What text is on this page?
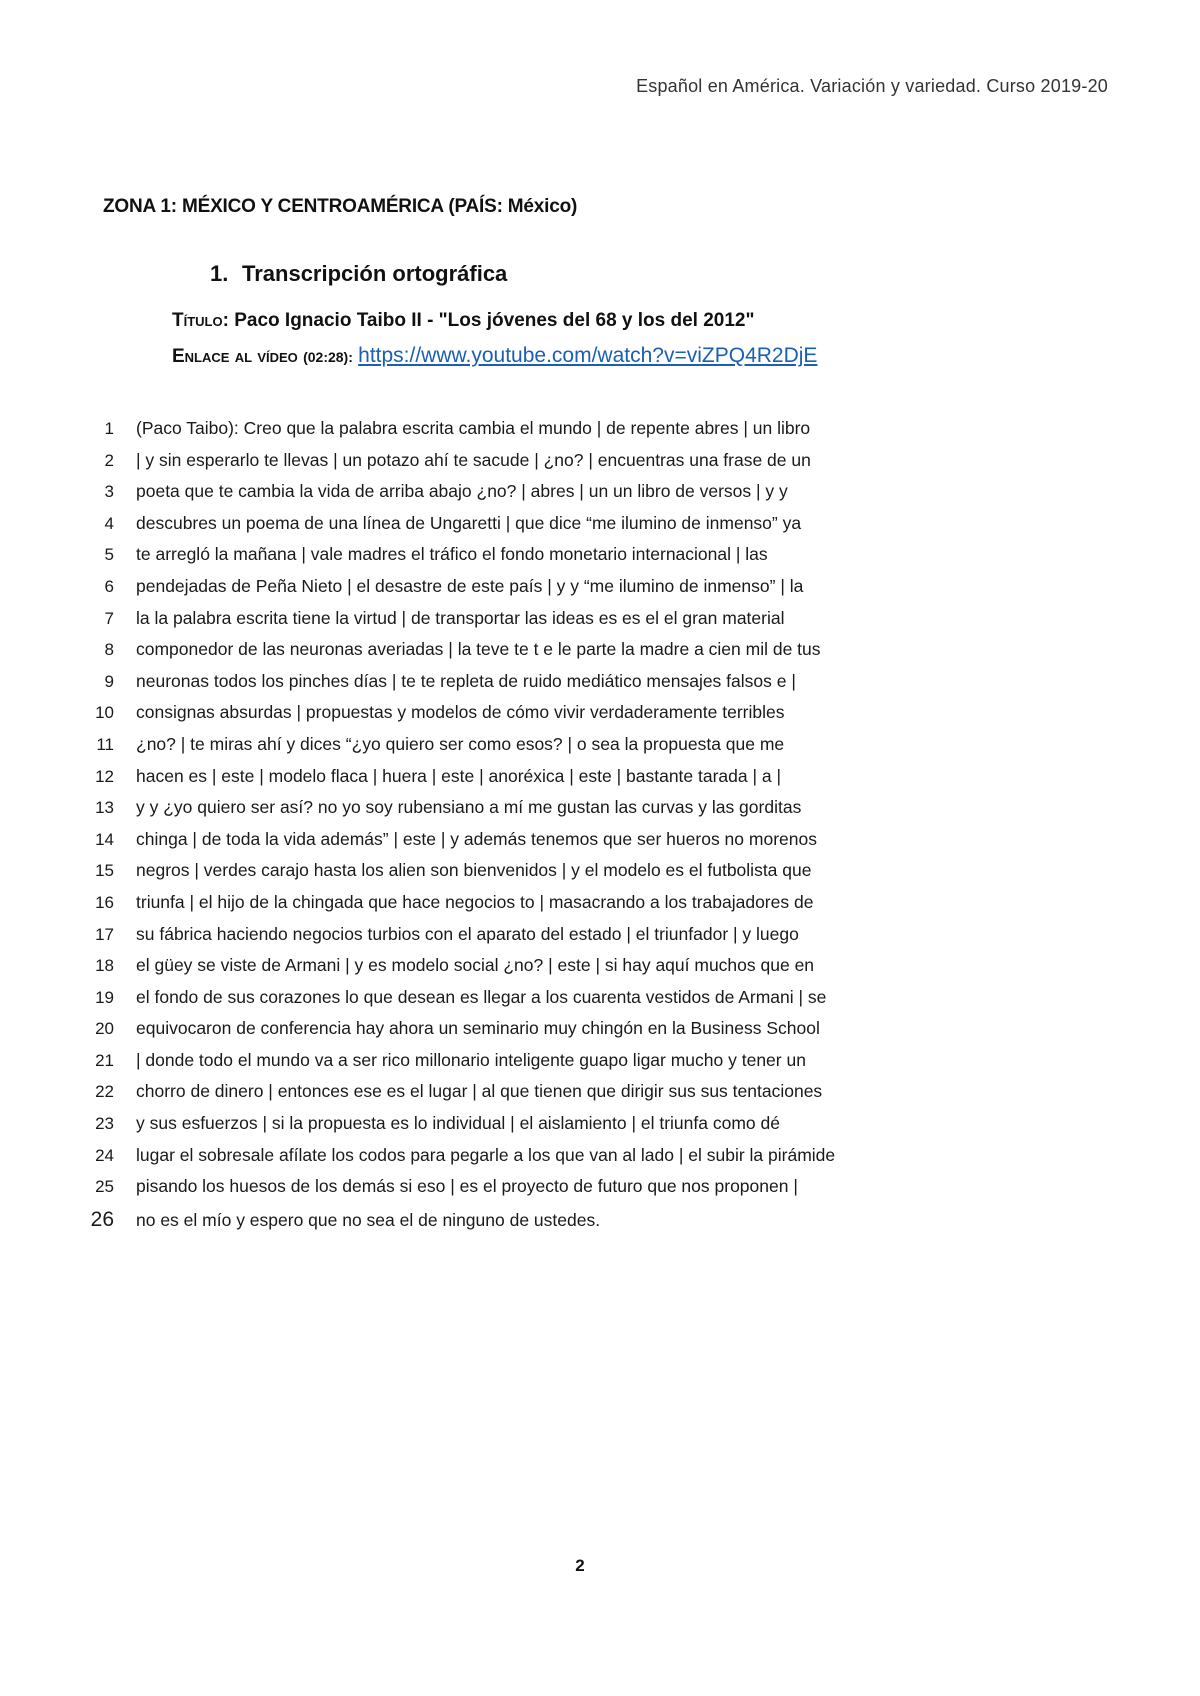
Español en América. Variación y variedad. Curso 2019-20
ZONA 1: MÉXICO Y CENTROAMÉRICA (PAÍS: México)
1. Transcripción ortográfica
Título: Paco Ignacio Taibo II - "Los jóvenes del 68 y los del 2012"
Enlace al vídeo (02:28): https://www.youtube.com/watch?v=viZPQ4R2DjE
1	(Paco Taibo): Creo que la palabra escrita cambia el mundo | de repente abres | un libro
2	| y sin esperarlo te llevas | un potazo ahí te sacude | ¿no? | encuentras una frase de un
3	poeta que te cambia la vida de arriba abajo ¿no? | abres | un un libro de versos | y y
4	descubres un poema de una línea de Ungaretti | que dice “me ilumino de inmenso” ya
5	te arregló la mañana | vale madres el tráfico el fondo monetario internacional | las
6	pendejadas de Peña Nieto | el desastre de este país | y y “me ilumino de inmenso” | la
7	la la palabra escrita tiene la virtud | de transportar las ideas es es el el gran material
8	componedor de las neuronas averiadas | la teve te t e le parte la madre a cien mil de tus
9	neuronas todos los pinches días | te te repleta de ruido mediático mensajes falsos e |
10	consignas absurdas | propuestas y modelos de cómo vivir verdaderamente terribles
11	¿no? | te miras ahí y dices “¿yo quiero ser como esos? | o sea la propuesta que me
12	hacen es | este | modelo flaca | huera | este | anoréxica | este | bastante tarada | a |
13	y y ¿yo quiero ser así? no yo soy rubensiano a mí me gustan las curvas y las gorditas
14	chinga | de toda la vida además” | este | y además tenemos que ser hueros no morenos
15	negros | verdes carajo hasta los alien son bienvenidos | y el modelo es el futbolista que
16	triunfa | el hijo de la chingada que hace negocios to | masacrando a los trabajadores de
17	su fábrica haciendo negocios turbios con el aparato del estado | el triunfador | y luego
18	el güey se viste de Armani | y es modelo social ¿no? | este | si hay aquí muchos que en
19	el fondo de sus corazones lo que desean es llegar a los cuarenta vestidos de Armani | se
20	equivocaron de conferencia hay ahora un seminario muy chingón en la Business School
21	| donde todo el mundo va a ser rico millonario inteligente guapo ligar mucho y tener un
22	chorro de dinero | entonces ese es el lugar | al que tienen que dirigir sus sus tentaciones
23	y sus esfuerzos | si la propuesta es lo individual | el aislamiento | el triunfa como dé
24	lugar el sobresale afílate los codos para pegarle a los que van al lado | el subir la pirámide
25	pisando los huesos de los demás si eso | es el proyecto de futuro que nos proponen |
26	no es el mío y espero que no sea el de ninguno de ustedes.
2
